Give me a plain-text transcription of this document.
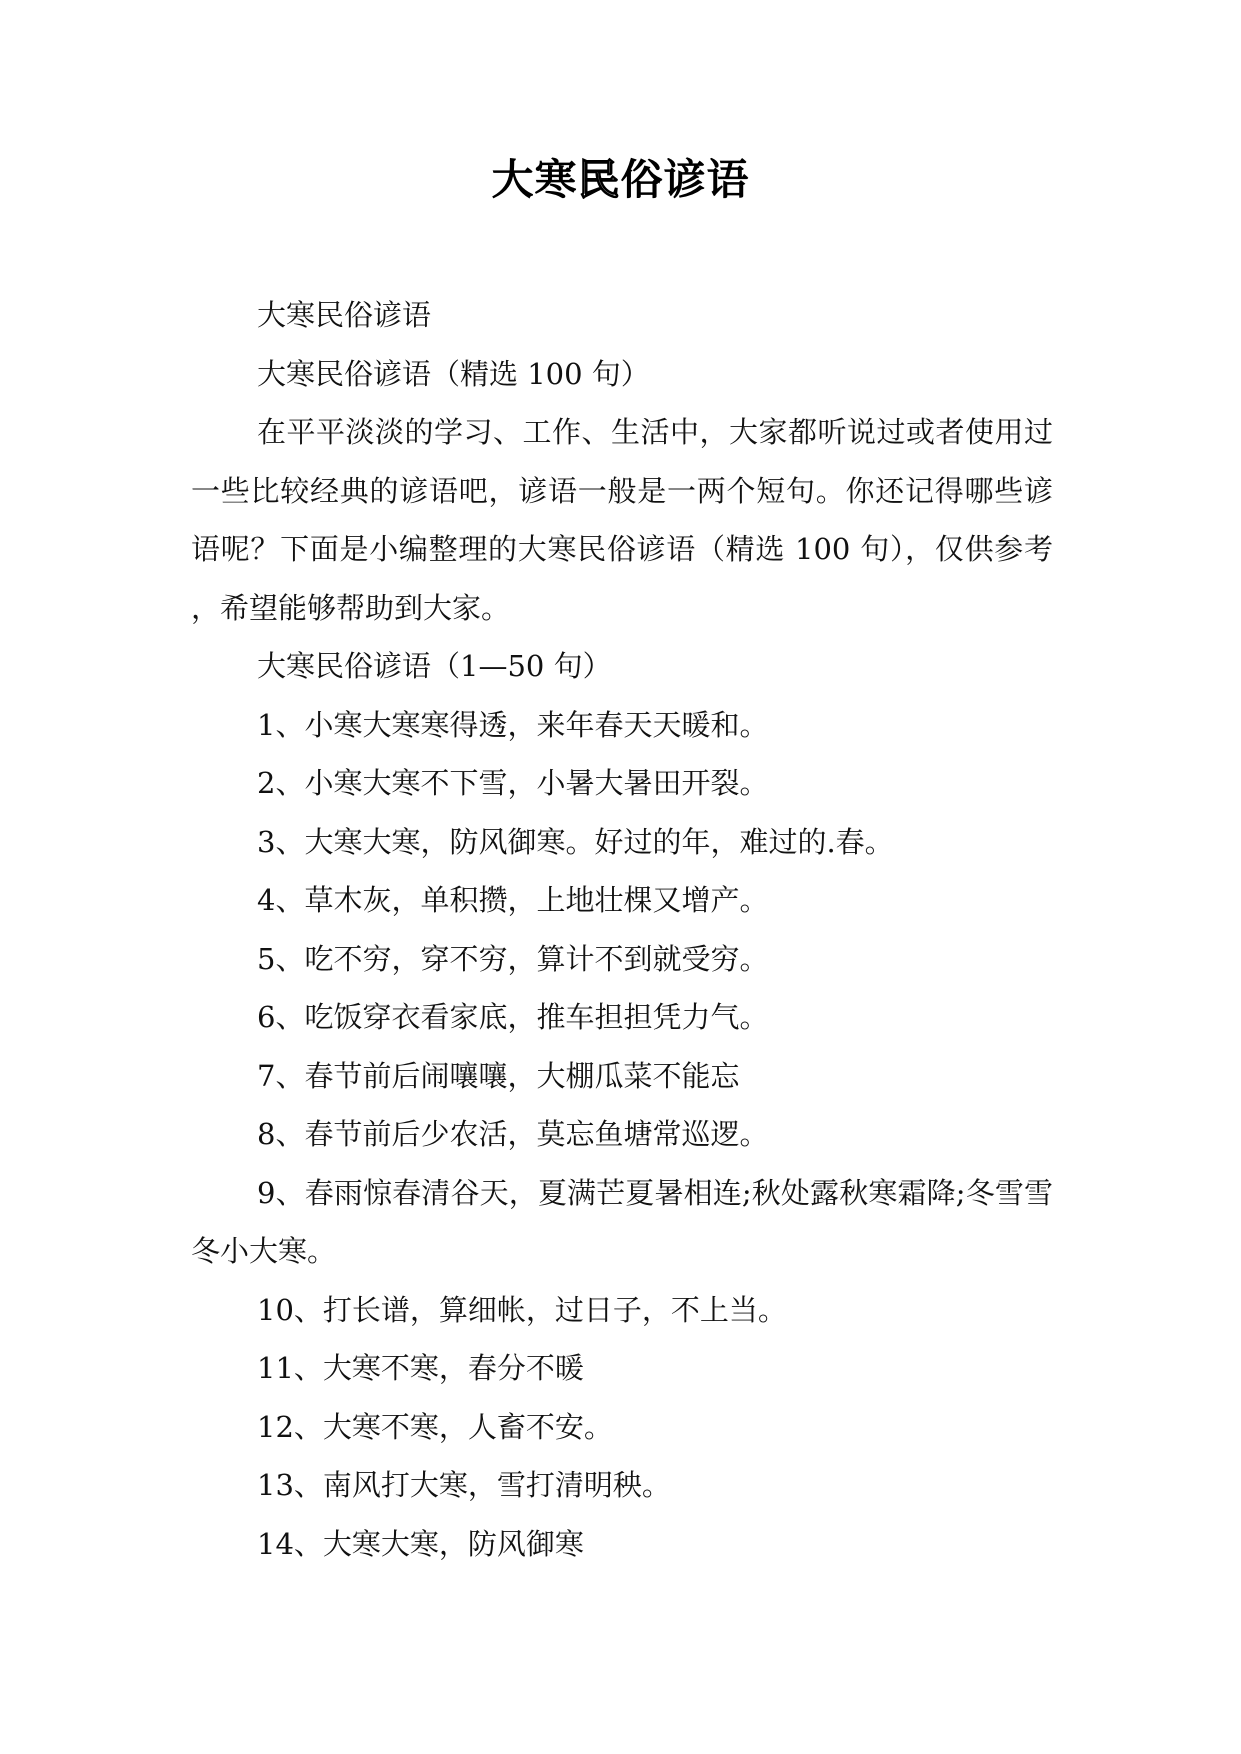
大寒民俗谚语

大寒民俗谚语

大寒民俗谚语（精选 100 句）

在平平淡淡的学习、工作、生活中，大家都听说过或者使用过一些比较经典的谚语吧，谚语一般是一两个短句。你还记得哪些谚语呢？下面是小编整理的大寒民俗谚语（精选 100 句），仅供参考，希望能够帮助到大家。

大寒民俗谚语（1—50 句）

1、小寒大寒寒得透，来年春天天暖和。

2、小寒大寒不下雪，小暑大暑田开裂。

3、大寒大寒，防风御寒。好过的年，难过的.春。

4、草木灰，单积攒，上地壮棵又增产。

5、吃不穷，穿不穷，算计不到就受穷。

6、吃饭穿衣看家底，推车担担凭力气。

7、春节前后闹嚷嚷，大棚瓜菜不能忘

8、春节前后少农活，莫忘鱼塘常巡逻。

9、春雨惊春清谷天，夏满芒夏暑相连;秋处露秋寒霜降;冬雪雪冬小大寒。

10、打长谱，算细帐，过日子，不上当。

11、大寒不寒，春分不暖

12、大寒不寒，人畜不安。

13、南风打大寒，雪打清明秧。

14、大寒大寒，防风御寒
